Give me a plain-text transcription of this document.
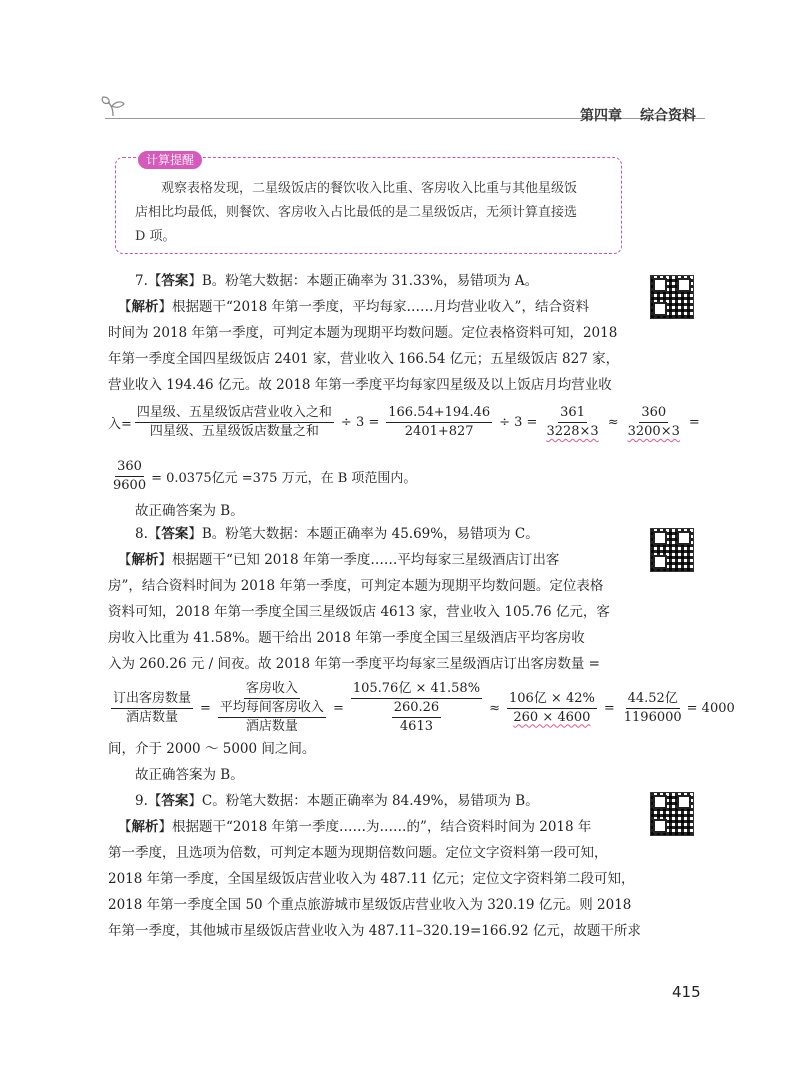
第四章 综合资料
计算提醒
观察表格发现，二星级饭店的餐饮收入比重、客房收入比重与其他星级饭
店相比均最低，则餐饮、客房收入占比最低的是二星级饭店，无须计算直接选
D 项。
7.【答案】B。粉笔大数据：本题正确率为 31.33%，易错项为 A。
【解析】根据题干“2018 年第一季度，平均每家……月均营业收入”，结合资料
时间为 2018 年第一季度，可判定本题为现期平均数问题。定位表格资料可知，2018
年第一季度全国四星级饭店 2401 家，营业收入 166.54 亿元；五星级饭店 827 家，
营业收入 194.46 亿元。故 2018 年第一季度平均每家四星级及以上饭店月均营业收
入= $\frac{\text{四星级、五星级饭店营业收入之和}}{\text{四星级、五星级饭店数量之和}} \div 3 = \frac{166.54+194.46}{2401+827} \div 3 = \frac{361}{3228\times 3} \approx \frac{360}{3200\times 3}$ =
$\frac{360}{9600} = 0.0375$亿元 =375 万元，在 B 项范围内。
故正确答案为 B。
8.【答案】B。粉笔大数据：本题正确率为 45.69%，易错项为 C。
【解析】根据题干“已知 2018 年第一季度……平均每家三星级酒店订出客
房”，结合资料时间为 2018 年第一季度，可判定本题为现期平均数问题。定位表格
资料可知，2018 年第一季度全国三星级饭店 4613 家，营业收入 105.76 亿元，客
房收入比重为 41.58%。题干给出 2018 年第一季度全国三星级酒店平均客房收
入为 260.26 元 / 间夜。故 2018 年第一季度平均每家三星级酒店订出客房数量 =
$\frac{\text{订出客房数量}}{\text{酒店数量}}$ =
客房收入
平均每间客房收入
酒店数量
=
105.76亿 × 41.58%
260.26
4613
≈ $\frac{\text{106亿 × 42\%}}{260 \times 4600} = \frac{\text{44.52亿}}{1196000} = 4000$
间，介于 2000 ～ 5000 间之间。
故正确答案为 B。
9.【答案】C。粉笔大数据：本题正确率为 84.49%，易错项为 B。
【解析】根据题干“2018 年第一季度……为……的”，结合资料时间为 2018 年
第一季度，且选项为倍数，可判定本题为现期倍数问题。定位文字资料第一段可知，
2018 年第一季度，全国星级饭店营业收入为 487.11 亿元；定位文字资料第二段可知，
2018 年第一季度全国 50 个重点旅游城市星级饭店营业收入为 320.19 亿元。则 2018
年第一季度，其他城市星级饭店营业收入为 487.11–320.19=166.92 亿元，故题干所求
415
